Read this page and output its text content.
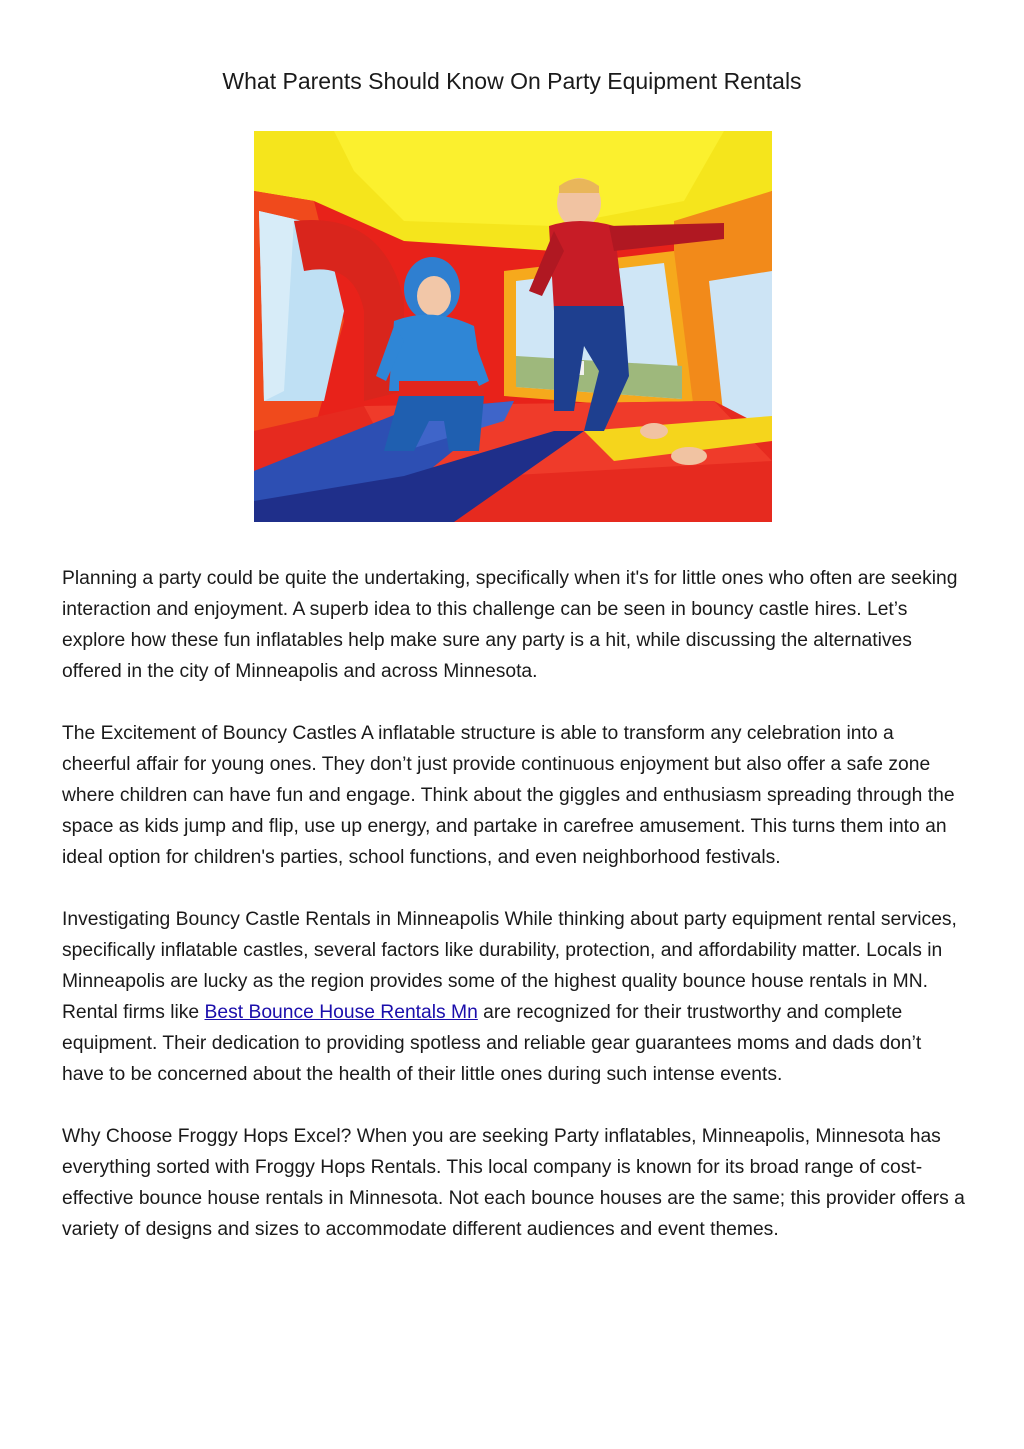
What Parents Should Know On Party Equipment Rentals

Planning a party could be quite the undertaking, specifically when it's for little ones who often are seeking interaction and enjoyment. A superb idea to this challenge can be seen in bouncy castle hires. Let’s explore how these fun inflatables help make sure any party is a hit, while discussing the alternatives offered in the city of Minneapolis and across Minnesota.

The Excitement of Bouncy Castles A inflatable structure is able to transform any celebration into a cheerful affair for young ones. They don’t just provide continuous enjoyment but also offer a safe zone where children can have fun and engage. Think about the giggles and enthusiasm spreading through the space as kids jump and flip, use up energy, and partake in carefree amusement. This turns them into an ideal option for children's parties, school functions, and even neighborhood festivals.

Investigating Bouncy Castle Rentals in Minneapolis While thinking about party equipment rental services, specifically inflatable castles, several factors like durability, protection, and affordability matter. Locals in Minneapolis are lucky as the region provides some of the highest quality bounce house rentals in MN. Rental firms like Best Bounce House Rentals Mn are recognized for their trustworthy and complete equipment. Their dedication to providing spotless and reliable gear guarantees moms and dads don’t have to be concerned about the health of their little ones during such intense events.

Why Choose Froggy Hops Excel? When you are seeking Party inflatables, Minneapolis, Minnesota has everything sorted with Froggy Hops Rentals. This local company is known for its broad range of cost-effective bounce house rentals in Minnesota. Not each bounce houses are the same; this provider offers a variety of designs and sizes to accommodate different audiences and event themes.
